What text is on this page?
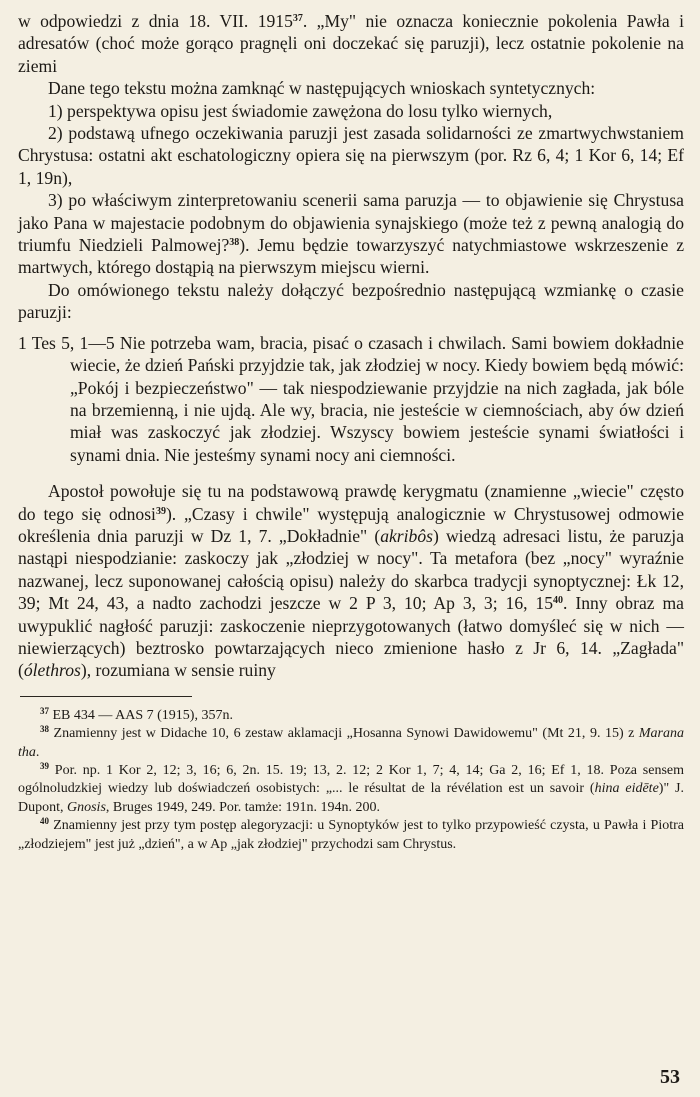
w odpowiedzi z dnia 18. VII. 1915$^{37}$. „My" nie oznacza koniecznie pokolenia Pawła i adresatów (choć może gorąco pragnęli oni doczekać się paruzji), lecz ostatnie pokolenie na ziemi

Dane tego tekstu można zamknąć w następujących wnioskach syntetycznych:

1) perspektywa opisu jest świadomie zawężona do losu tylko wiernych,

2) podstawą ufnego oczekiwania paruzji jest zasada solidarności ze zmartwychwstaniem Chrystusa: ostatni akt eschatologiczny opiera się na pierwszym (por. Rz 6, 4; 1 Kor 6, 14; Ef 1, 19n),

3) po właściwym zinterpretowaniu scenerii sama paruzja — to objawienie się Chrystusa jako Pana w majestacie podobnym do objawienia synajskiego (może też z pewną analogią do triumfu Niedzieli Palmowej?$^{38}$). Jemu będzie towarzyszyć natychmiastowe wskrzeszenie z martwych, którego dostąpią na pierwszym miejscu wierni.

Do omówionego tekstu należy dołączyć bezpośrednio następującą wzmiankę o czasie paruzji:

1 Tes 5, 1—5 Nie potrzeba wam, bracia, pisać o czasach i chwilach. Sami bowiem dokładnie wiecie, że dzień Pański przyjdzie tak, jak złodziej w nocy. Kiedy bowiem będą mówić: „Pokój i bezpieczeństwo" — tak niespodziewanie przyjdzie na nich zagłada, jak bóle na brzemienną, i nie ujdą. Ale wy, bracia, nie jesteście w ciemnościach, aby ów dzień miał was zaskoczyć jak złodziej. Wszyscy bowiem jesteście synami światłości i synami dnia. Nie jesteśmy synami nocy ani ciemności.

Apostoł powołuje się tu na podstawową prawdę kerygmatu (znamienne „wiecie" często do tego się odnosi$^{39}$). „Czasy i chwile" występują analogicznie w Chrystusowej odmowie określenia dnia paruzji w Dz 1, 7. „Dokładnie" (akribôs) wiedzą adresaci listu, że paruzja nastąpi niespodzianie: zaskoczy jak „złodziej w nocy". Ta metafora (bez „nocy" wyraźnie nazwanej, lecz suponowanej całością opisu) należy do skarbca tradycji synoptycznej: Łk 12, 39; Mt 24, 43, a nadto zachodzi jeszcze w 2 P 3, 10; Ap 3, 3; 16, $15^{40}$. Inny obraz ma uwypuklić nagłość paruzji: zaskoczenie nieprzygotowanych (łatwo domyśleć się w nich — niewierzących) beztrosko powtarzających nieco zmienione hasło z Jr 6, 14. „Zagłada" (ólethros), rozumiana w sensie ruiny

$^{37}$ EB 434 — AAS 7 (1915), 357n.

$^{38}$ Znamienny jest w Didache 10, 6 zestaw aklamacji „Hosanna Synowi Dawidowemu" (Mt 21, 9. 15) z Marana tha.

$^{39}$ Por. np. 1 Kor 2, 12; 3, 16; 6, 2n. 15. 19; 13, 2. 12; 2 Kor 1, 7; 4, 14; Ga 2, 16; Ef 1, 18. Poza sensem ogólnoludzkiej wiedzy lub doświadczeń osobistych: „... le résultat de la révélation est un savoir (hina eidēte)" J. Dupont, Gnosis, Bruges 1949, 249. Por. tamże: 191n. 194n. 200.

$^{40}$ Znamienny jest przy tym postęp alegoryzacji: u Synoptyków jest to tylko przypowieść czysta, u Pawła i Piotra „złodziejem" jest już „dzień", a w Ap „jak złodziej" przychodzi sam Chrystus.

53
